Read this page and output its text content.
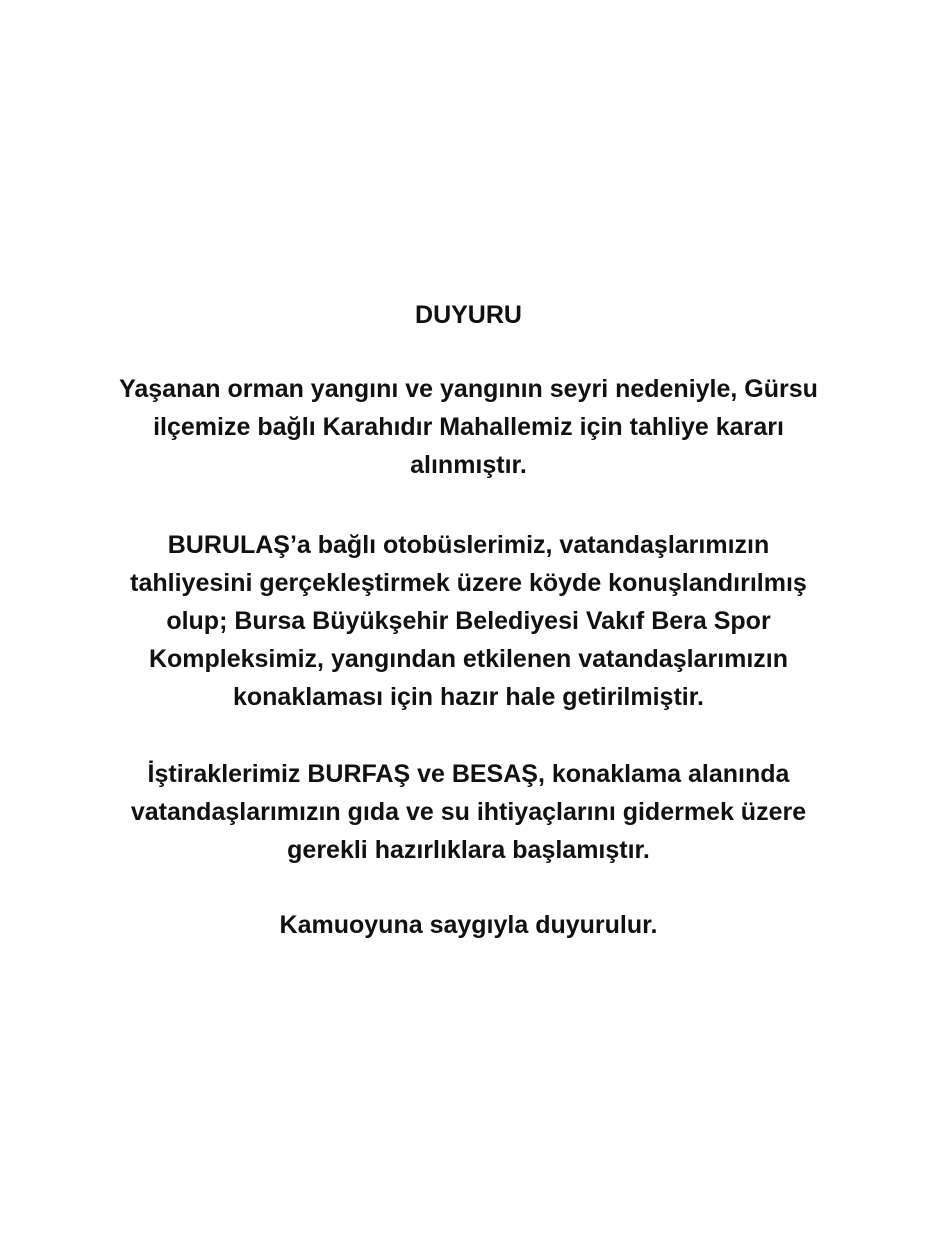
DUYURU

Yaşanan orman yangını ve yangının seyri nedeniyle, Gürsu
ilçemize bağlı Karahıdır Mahallemiz için tahliye kararı
alınmıştır.

BURULAŞ’a bağlı otobüslerimiz, vatandaşlarımızın
tahliyesini gerçekleştirmek üzere köyde konuşlandırılmış
olup; Bursa Büyükşehir Belediyesi Vakıf Bera Spor
Kompleksimiz, yangından etkilenen vatandaşlarımızın
konaklaması için hazır hale getirilmiştir.

İştiraklerimiz BURFAŞ ve BESAŞ, konaklama alanında
vatandaşlarımızın gıda ve su ihtiyaçlarını gidermek üzere
gerekli hazırlıklara başlamıştır.

Kamuoyuna saygıyla duyurulur.
